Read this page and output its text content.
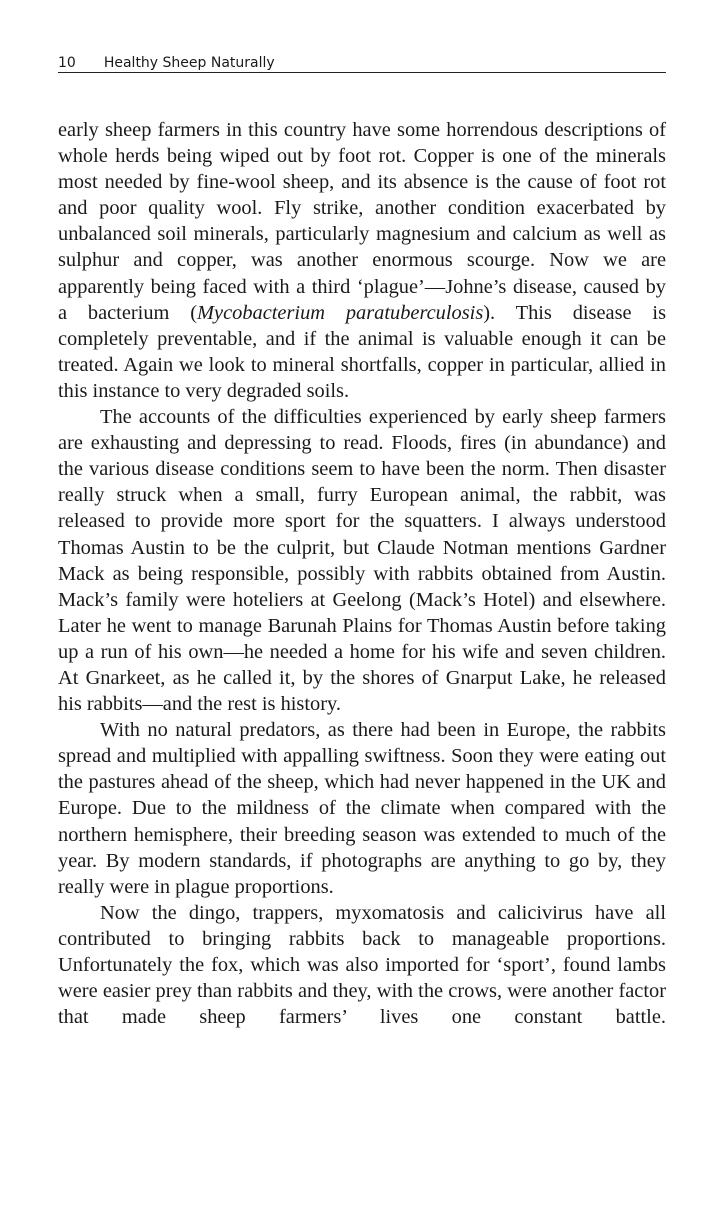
10 Healthy Sheep Naturally

early sheep farmers in this country have some horrendous descriptions of whole herds being wiped out by foot rot. Copper is one of the minerals most needed by fine-wool sheep, and its absence is the cause of foot rot and poor quality wool. Fly strike, another condition exacerbated by unbalanced soil minerals, particularly magnesium and calcium as well as sulphur and copper, was another enormous scourge. Now we are apparently being faced with a third ‘plague’—Johne’s disease, caused by a bacterium (Mycobacterium paratuberculosis). This disease is completely preventable, and if the animal is valuable enough it can be treated. Again we look to mineral shortfalls, copper in particular, allied in this instance to very degraded soils.

The accounts of the difficulties experienced by early sheep farmers are exhausting and depressing to read. Floods, fires (in abundance) and the various disease conditions seem to have been the norm. Then disaster really struck when a small, furry European animal, the rabbit, was released to provide more sport for the squatters. I always understood Thomas Austin to be the culprit, but Claude Notman mentions Gardner Mack as being responsible, possibly with rabbits obtained from Austin. Mack’s family were hoteliers at Geelong (Mack’s Hotel) and elsewhere. Later he went to manage Barunah Plains for Thomas Austin before taking up a run of his own—he needed a home for his wife and seven children. At Gnarkeet, as he called it, by the shores of Gnarput Lake, he released his rabbits—and the rest is history.

With no natural predators, as there had been in Europe, the rabbits spread and multiplied with appalling swiftness. Soon they were eating out the pastures ahead of the sheep, which had never happened in the UK and Europe. Due to the mildness of the climate when compared with the northern hemisphere, their breeding season was extended to much of the year. By modern standards, if photographs are anything to go by, they really were in plague proportions.

Now the dingo, trappers, myxomatosis and calicivirus have all contributed to bringing rabbits back to manageable proportions. Unfortunately the fox, which was also imported for ‘sport’, found lambs were easier prey than rabbits and they, with the crows, were another factor that made sheep farmers’ lives one constant battle.
